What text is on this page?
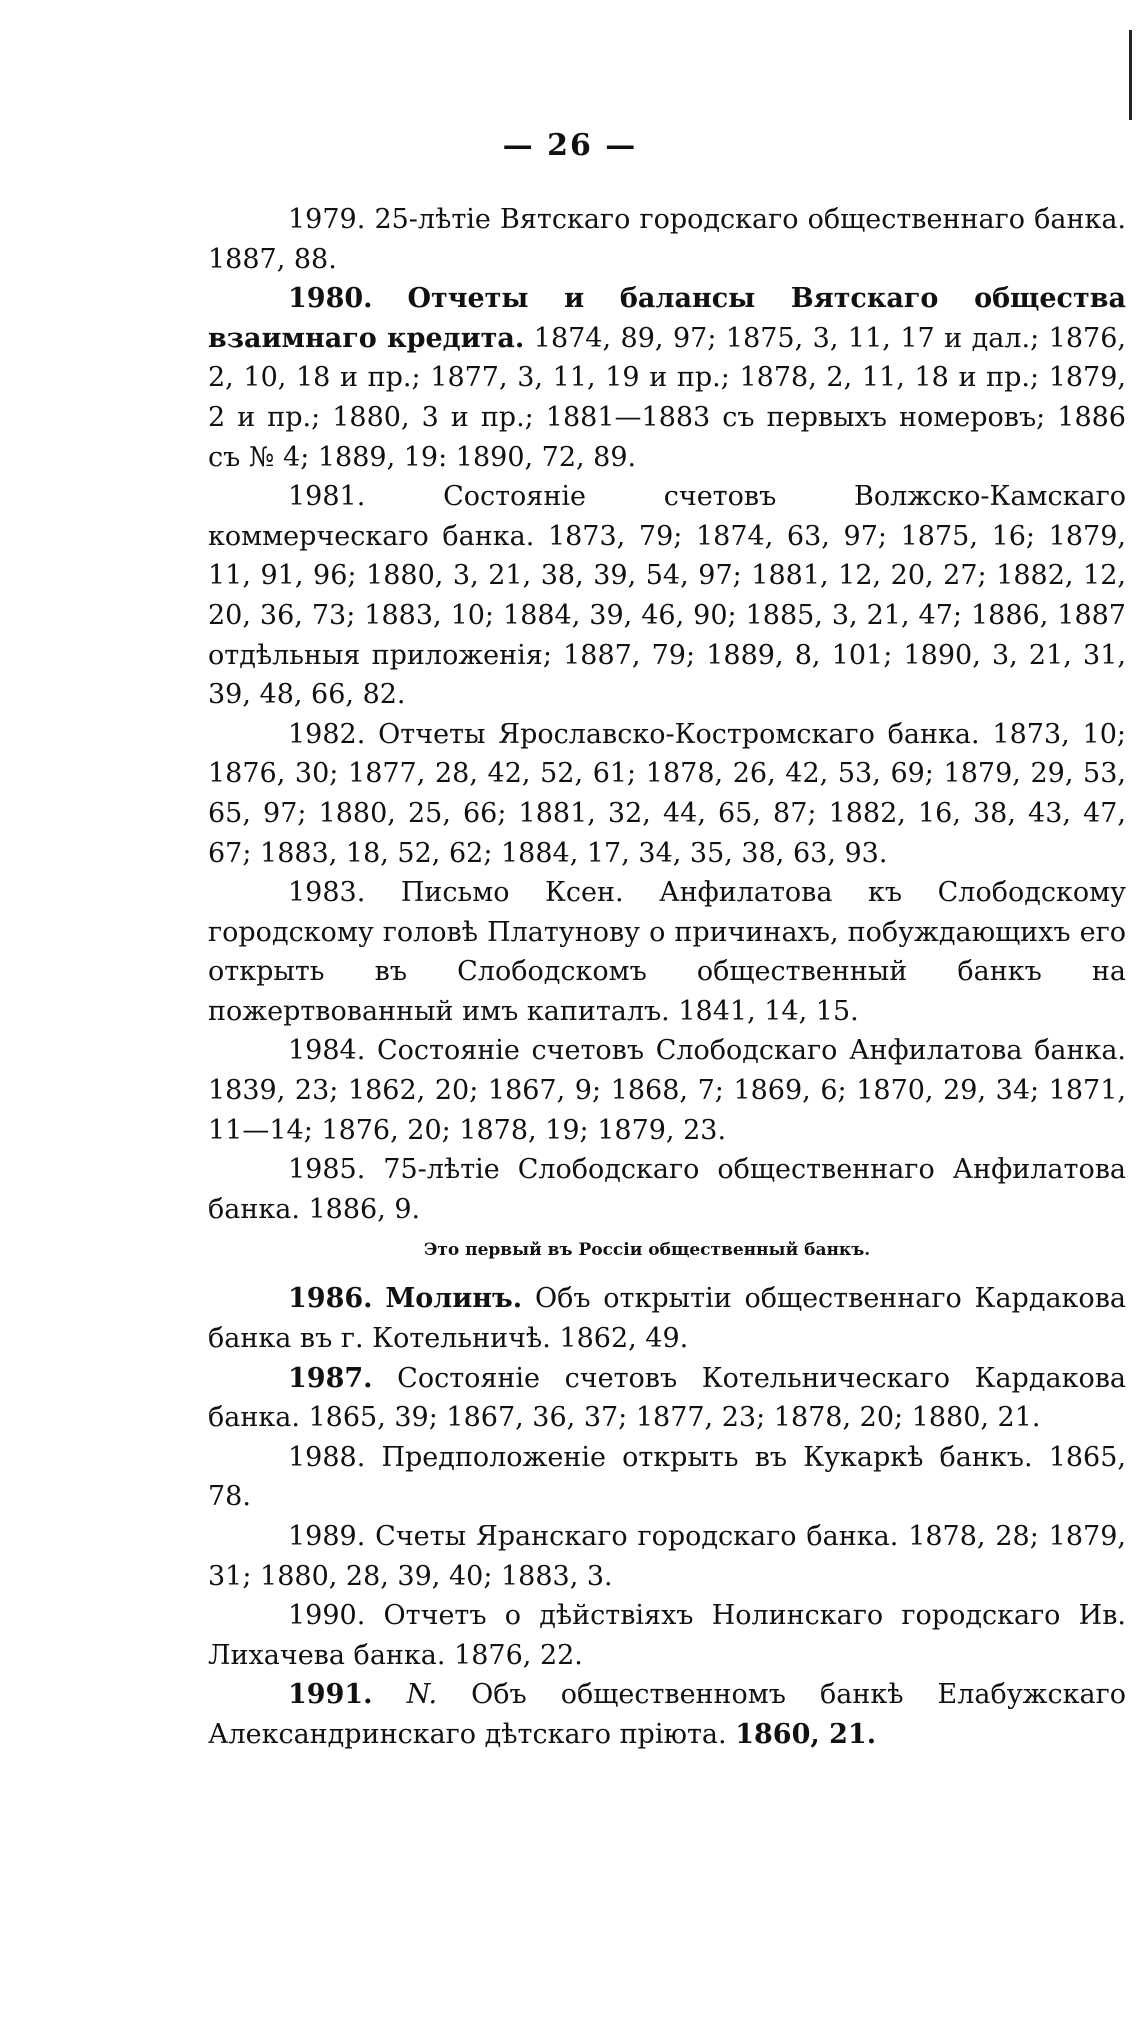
— 26 —

1979. 25-лѣтіе Вятскаго городскаго общественнаго банка. 1887, 88.

1980. Отчеты и балансы Вятскаго общества взаимнаго кредита. 1874, 89, 97; 1875, 3, 11, 17 и дал.; 1876, 2, 10, 18 и пр.; 1877, 3, 11, 19 и пр.; 1878, 2, 11, 18 и пр.; 1879, 2 и пр.; 1880, 3 и пр.; 1881—1883 съ первыхъ номеровъ; 1886 съ № 4; 1889, 19: 1890, 72, 89.

1981.	Состояніе счетовъ Волжско-Камскаго коммерческаго банка. 1873, 79; 1874, 63, 97; 1875, 16; 1879, 11, 91, 96; 1880, 3, 21, 38, 39, 54, 97; 1881, 12, 20, 27; 1882, 12, 20, 36, 73; 1883, 10; 1884, 39, 46, 90; 1885, 3, 21, 47; 1886, 1887 отдѣльныя приложенія; 1887, 79; 1889, 8, 101; 1890, 3, 21, 31, 39, 48, 66, 82.

1982. Отчеты Ярославско-Костромскаго банка. 1873, 10; 1876, 30; 1877, 28, 42, 52, 61; 1878, 26, 42, 53, 69; 1879, 29, 53, 65, 97; 1880, 25, 66; 1881, 32, 44, 65, 87; 1882, 16, 38, 43, 47, 67; 1883, 18, 52, 62; 1884, 17, 34, 35, 38, 63, 93.

1983. Письмо Ксен. Анфилатова къ Слободскому городскому головѣ Платунову о причинахъ, побуждающихъ его открыть въ Слободскомъ общественный банкъ на пожертвованный имъ капиталъ. 1841, 14, 15.

1984. Состояніе счетовъ Слободскаго Анфилатова банка. 1839, 23; 1862, 20; 1867, 9; 1868, 7; 1869, 6; 1870, 29, 34; 1871, 11—14; 1876, 20; 1878, 19; 1879, 23.

1985. 75-лѣтіе Слободскаго общественнаго Анфилатова банка. 1886, 9.

Это первый въ Россіи общественный банкъ.

1986. Молинъ. Объ открытіи общественнаго Кардакова банка въ г. Котельничѣ. 1862, 49.

1987. Состояніе счетовъ Котельническаго Кардакова банка. 1865, 39; 1867, 36, 37; 1877, 23; 1878, 20; 1880, 21.

1988. Предположеніе открыть въ Кукаркѣ банкъ. 1865, 78.

1989. Счеты Яранскаго городскаго банка. 1878, 28; 1879, 31; 1880, 28, 39, 40; 1883, 3.

1990. Отчетъ о дѣйствіяхъ Нолинскаго городскаго Ив. Лихачева банка. 1876, 22.

1991. N. Объ общественномъ банкѣ Елабужскаго Александринскаго дѣтскаго пріюта. 1860, 21.
